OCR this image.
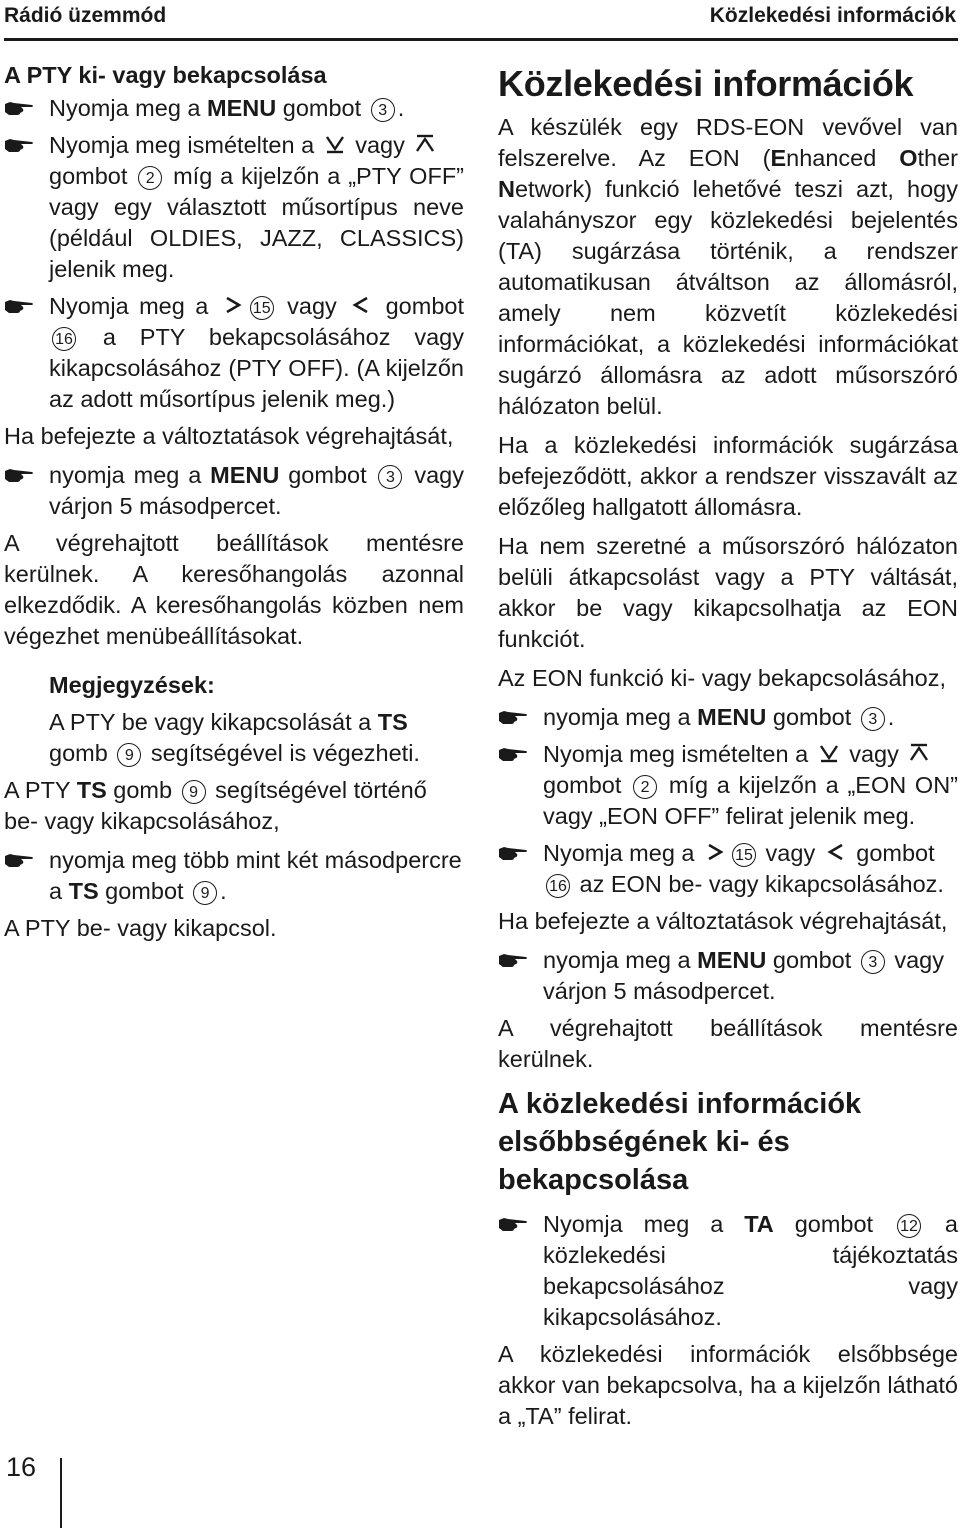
Rádió üzemmód	Közlekedési információk

A PTY ki- vagy bekapcsolása

Nyomja meg a MENU gombot 3 .
Nyomja meg ismételten a  vagy
gombot 2 míg a kijelzőn a „PTY OFF” vagy egy választott műsortípus neve (például OLDIES, JAZZ, CLASSICS) jelenik meg.
Nyomja meg a 15 vagy  gombot 16 a PTY bekapcsolásához vagy kikapcsolásához (PTY OFF). (A kijelzőn az adott műsortípus jelenik meg.)

Ha befejezte a változtatások végrehajtását,

nyomja meg a MENU gombot 3 vagy várjon 5 másodpercet.

A végrehajtott beállítások mentésre kerülnek. A keresőhangolás azonnal elkezdődik. A keresőhangolás közben nem végezhet menübeállításokat.

Megjegyzések:
A PTY be vagy kikapcsolását a TS gomb 9 segítségével is végezheti.

A PTY TS gomb 9 segítségével történő be- vagy kikapcsolásához,

nyomja meg több mint két másodpercre a TS gombot 9 .

A PTY be- vagy kikapcsol.

Közlekedési információk

A készülék egy RDS-EON vevővel van felszerelve. Az EON (Enhanced Other Network) funkció lehetővé teszi azt, hogy valahányszor egy közlekedési bejelentés (TA) sugárzása történik, a rendszer automatikusan átváltson az állomásról, amely nem közvetít közlekedési információkat, a közlekedési információkat sugárzó állomásra az adott műsorszóró hálózaton belül.

Ha a közlekedési információk sugárzása befejeződött, akkor a rendszer visszavált az előzőleg hallgatott állomásra.

Ha nem szeretné a műsorszóró hálózaton belüli átkapcsolást vagy a PTY váltását, akkor be vagy kikapcsolhatja az EON funkciót.

Az EON funkció ki- vagy bekapcsolásához,

nyomja meg a MENU gombot 3 .
Nyomja meg ismételten a  vagy
gombot 2 míg a kijelzőn a „EON ON” vagy „EON OFF” felirat jelenik meg.
Nyomja meg a 15 vagy  gombot 16 az EON be- vagy kikapcsolásához.

Ha befejezte a változtatások végrehajtását,

nyomja meg a MENU gombot 3 vagy várjon 5 másodpercet.

A végrehajtott beállítások mentésre kerülnek.

A közlekedési információk elsőbbségének ki- és bekapcsolása

Nyomja meg a TA gombot 12 a közlekedési tájékoztatás bekapcsolásához vagy kikapcsolásához.

A közlekedési információk elsőbbsége akkor van bekapcsolva, ha a kijelzőn látható a „TA” felirat.

16
